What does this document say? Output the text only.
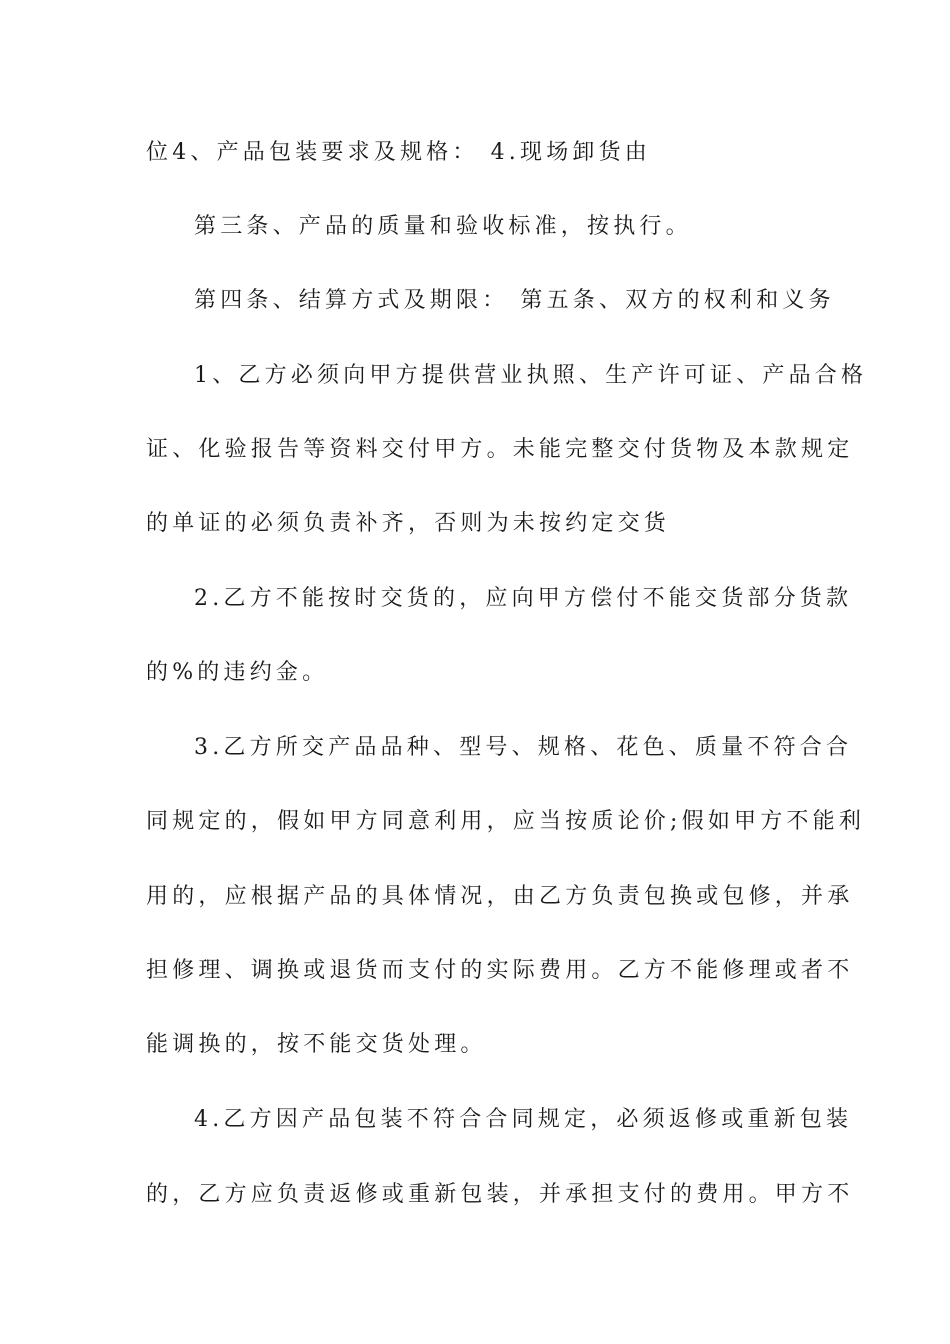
位4、产品包装要求及规格： 4.现场卸货由
第三条、产品的质量和验收标准，按执行。
第四条、结算方式及期限： 第五条、双方的权利和义务
1、乙方必须向甲方提供营业执照、生产许可证、产品合格
证、化验报告等资料交付甲方。未能完整交付货物及本款规定
的单证的必须负责补齐，否则为未按约定交货
2.乙方不能按时交货的，应向甲方偿付不能交货部分货款
的%的违约金。
3.乙方所交产品品种、型号、规格、花色、质量不符合合
同规定的，假如甲方同意利用，应当按质论价;假如甲方不能利
用的，应根据产品的具体情况，由乙方负责包换或包修，并承
担修理、调换或退货而支付的实际费用。乙方不能修理或者不
能调换的，按不能交货处理。
4.乙方因产品包装不符合合同规定，必须返修或重新包装
的，乙方应负责返修或重新包装，并承担支付的费用。甲方不
